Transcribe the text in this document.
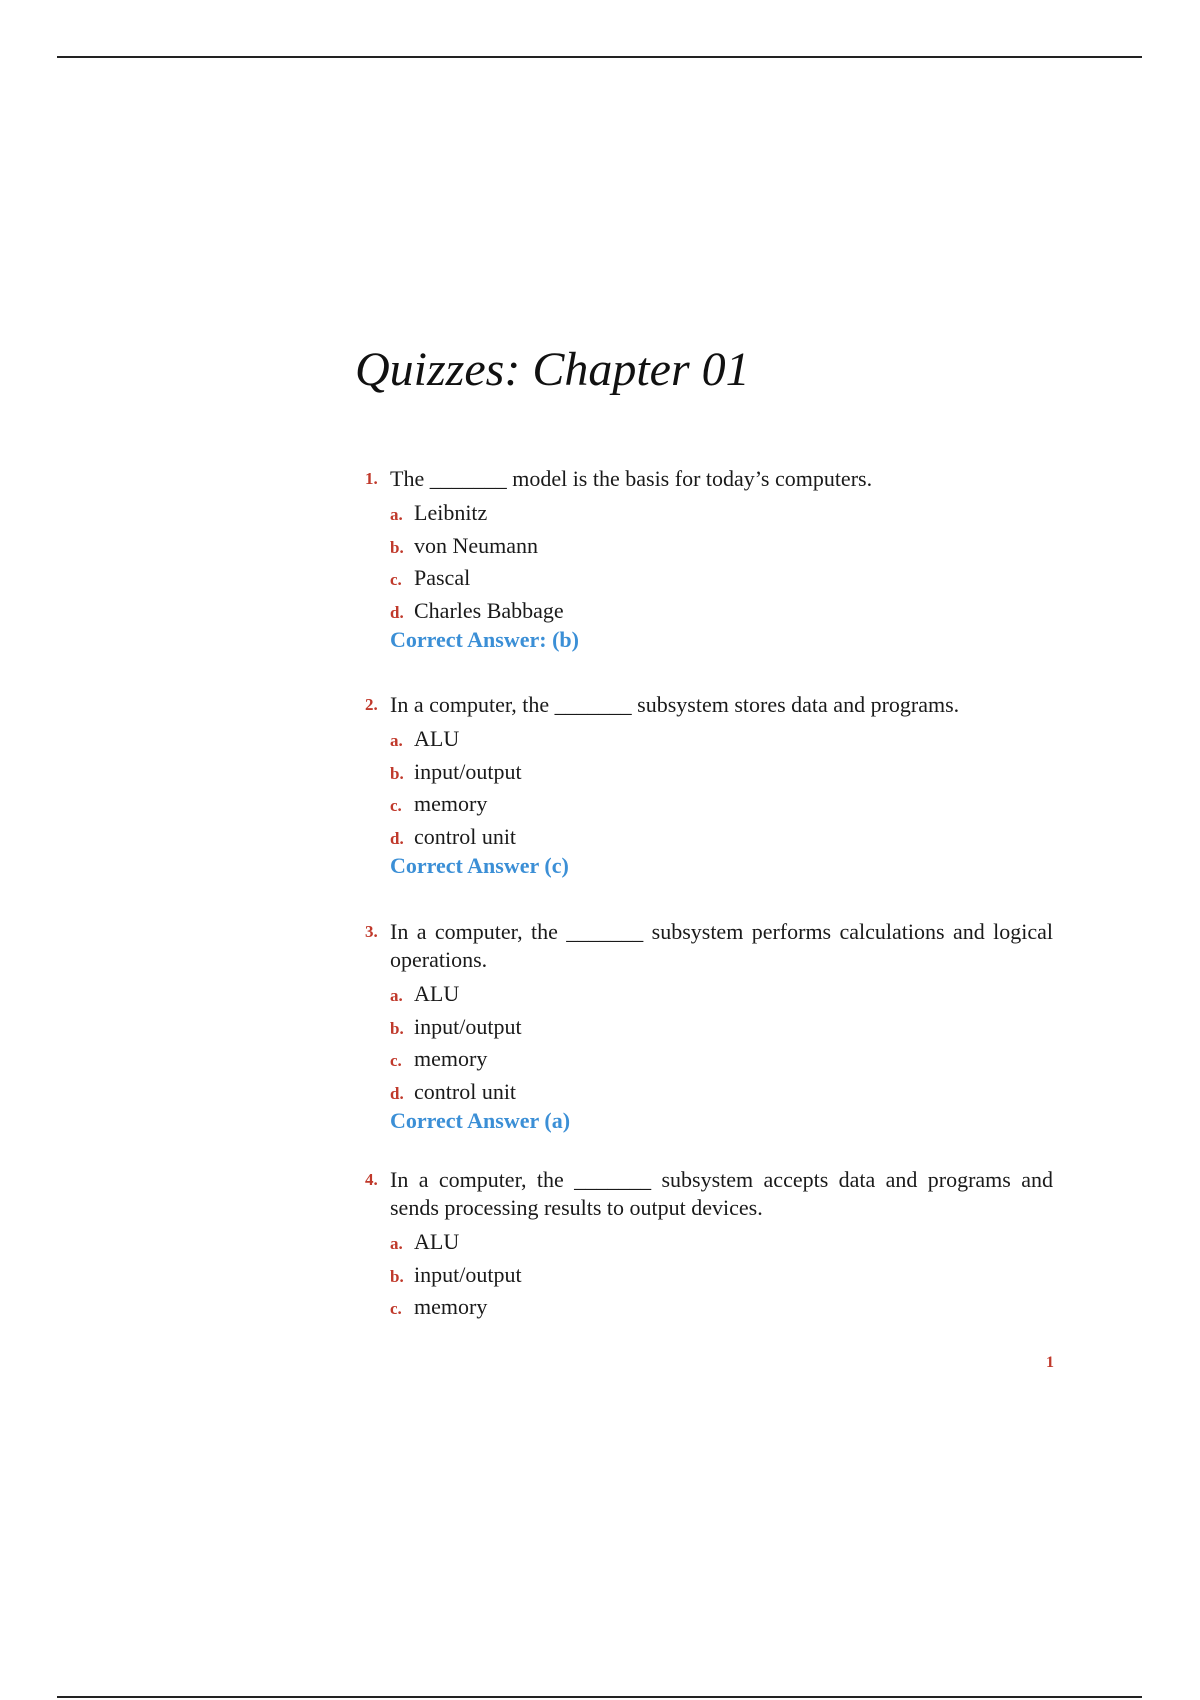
Quizzes: Chapter 01
1. The _______ model is the basis for today’s computers.
a. Leibnitz
b. von Neumann
c. Pascal
d. Charles Babbage
Correct Answer: (b)
2. In a computer, the _______ subsystem stores data and programs.
a. ALU
b. input/output
c. memory
d. control unit
Correct Answer (c)
3. In a computer, the _______ subsystem performs calculations and logical operations.
a. ALU
b. input/output
c. memory
d. control unit
Correct Answer (a)
4. In a computer, the _______ subsystem accepts data and programs and sends processing results to output devices.
a. ALU
b. input/output
c. memory
1
